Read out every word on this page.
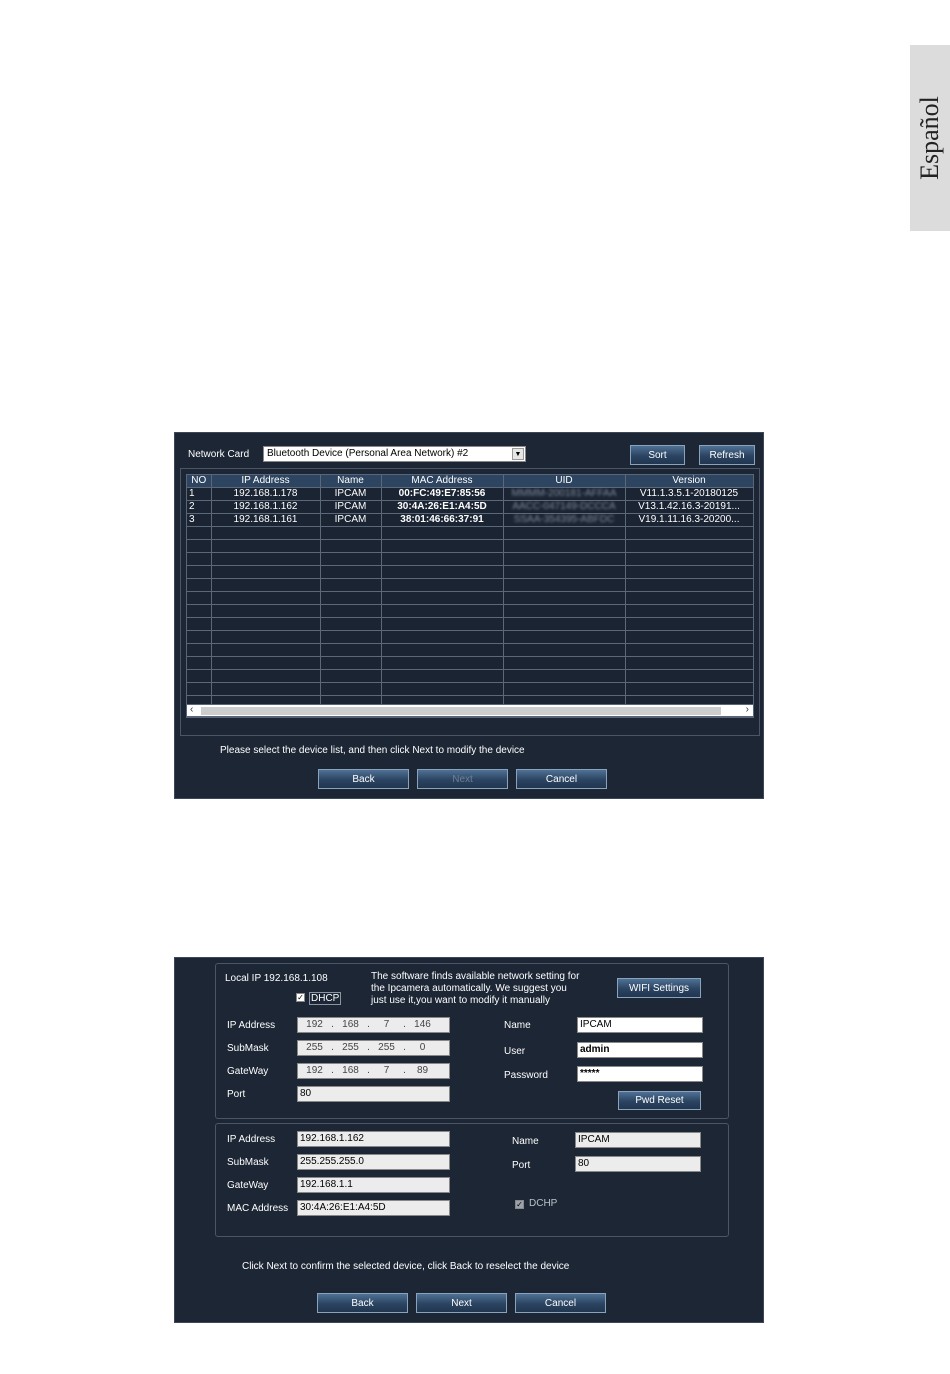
Español
Network Card Bluetooth Device (Personal Area Network) #2	▼	Sort	Refresh
NO	IP Address	Name	MAC Address	UID	Version
1	192.168.1.178	IPCAM	00:FC:49:E7:85:56	MMMM-200181-AFFAA	V11.1.3.5.1-20180125
2	192.168.1.162	IPCAM	30:4A:26:E1:A4:5D	AACC-047149-DCCCA	V13.1.42.16.3-20191...
3	192.168.1.161	IPCAM	38:01:46:66:37:91	SSAA-354395-ABFDC	V19.1.11.16.3-20200...

‹	›
Please select the device list, and then click Next to modify the device
Back	Next	Cancel
Local IP 192.168.1.108
✓ DHCP
The software finds available network setting for
the Ipcamera automatically. We suggest you
just use it,you want to modify it manually
WIFI Settings
IP Address	192 . 168 . 7 . 146
SubMask	255 . 255 . 255 . 0
GateWay	192 . 168 . 7 . 89
Port	80
Name	IPCAM
User	admin
Password	*****
Pwd Reset
IP Address	192.168.1.162
SubMask	255.255.255.0
GateWay	192.168.1.1
MAC Address	30:4A:26:E1:A4:5D
Name	IPCAM
Port	80
✓ DCHP
Click Next to confirm the selected device, click Back to reselect the device
Back	Next	Cancel
